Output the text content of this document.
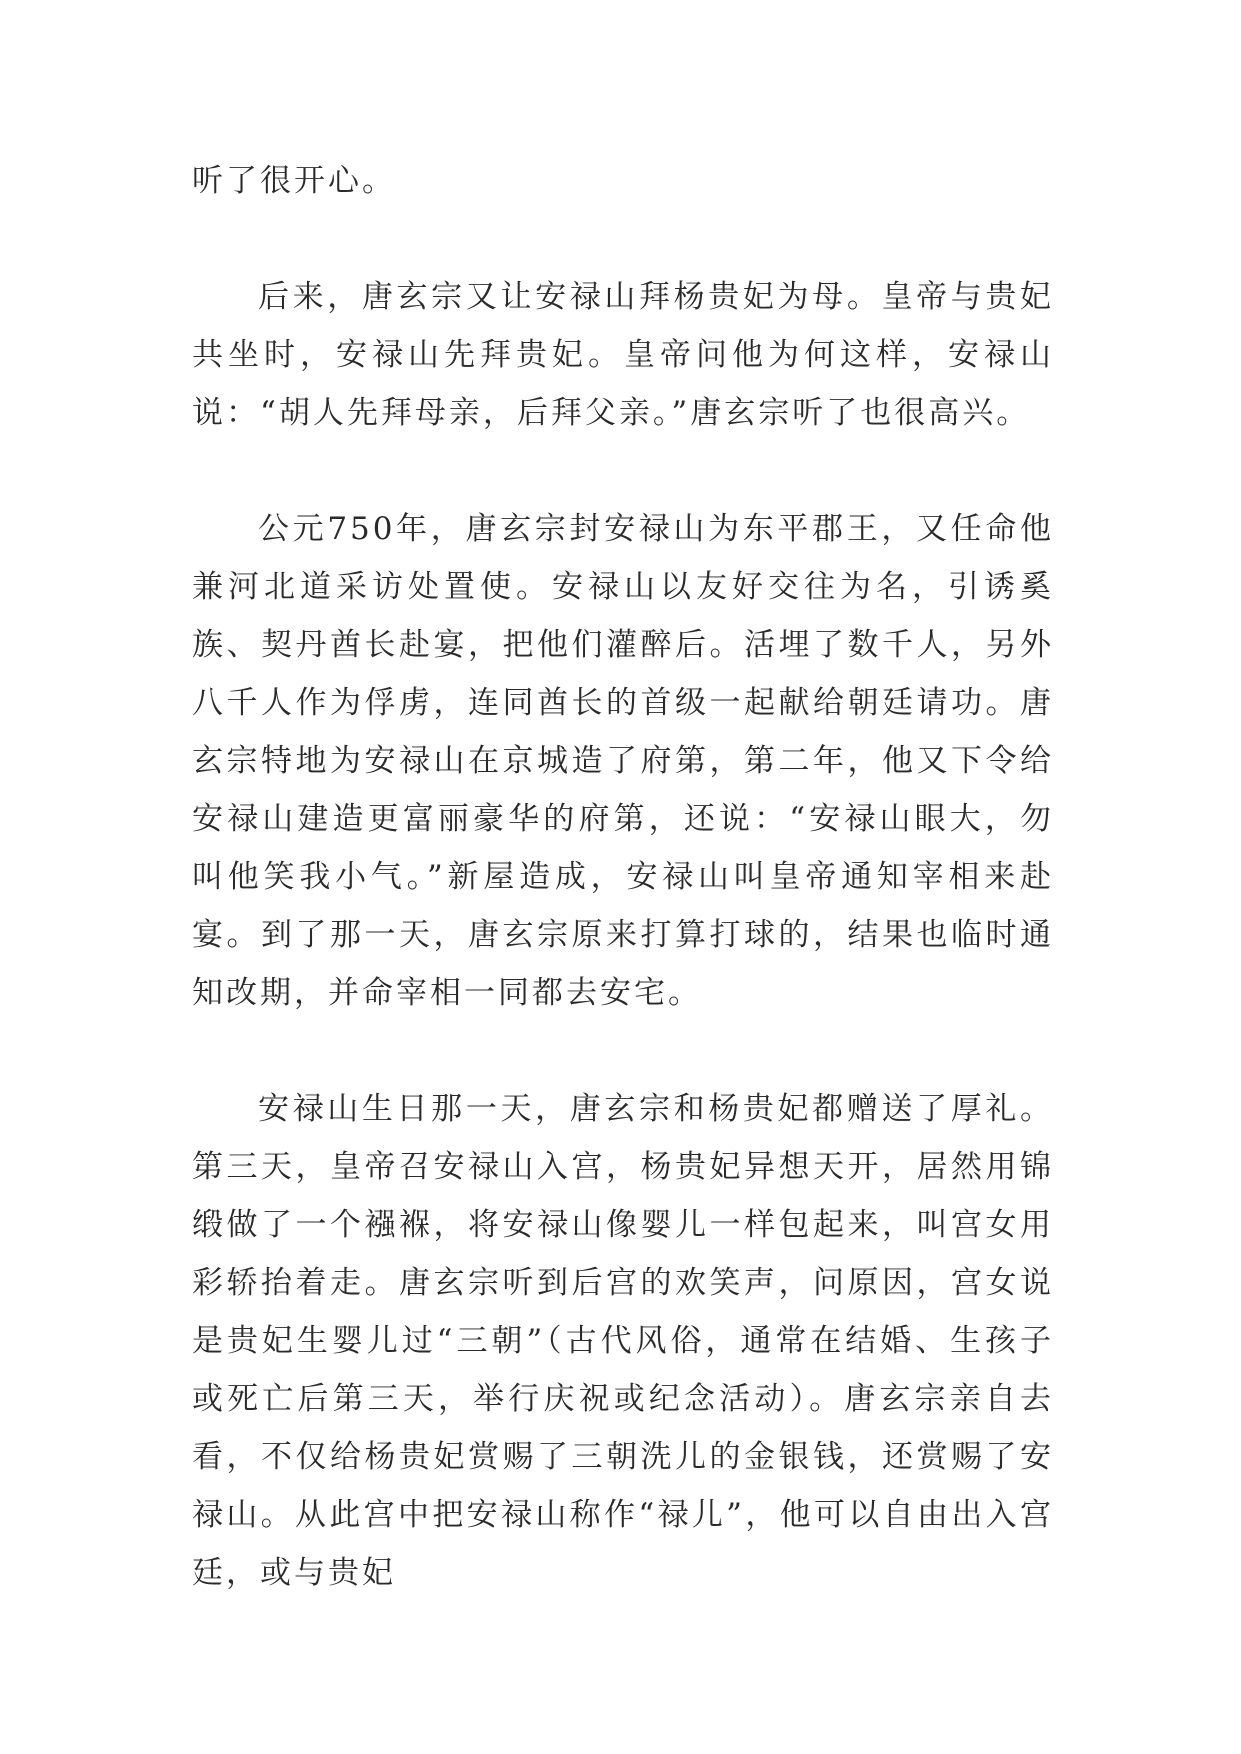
听了很开心。

后来，唐玄宗又让安禄山拜杨贵妃为母。皇帝与贵妃共坐时，安禄山先拜贵妃。皇帝问他为何这样，安禄山说：“胡人先拜母亲，后拜父亲。”唐玄宗听了也很高兴。

公元750年，唐玄宗封安禄山为东平郡王，又任命他兼河北道采访处置使。安禄山以友好交往为名，引诱奚族、契丹酋长赴宴，把他们灌醉后。活埋了数千人，另外八千人作为俘虏，连同酋长的首级一起献给朝廷请功。唐玄宗特地为安禄山在京城造了府第，第二年，他又下令给安禄山建造更富丽豪华的府第，还说：“安禄山眼大，勿叫他笑我小气。”新屋造成，安禄山叫皇帝通知宰相来赴宴。到了那一天，唐玄宗原来打算打球的，结果也临时通知改期，并命宰相一同都去安宅。

安禄山生日那一天，唐玄宗和杨贵妃都赠送了厚礼。第三天，皇帝召安禄山入宫，杨贵妃异想天开，居然用锦缎做了一个襁褓，将安禄山像婴儿一样包起来，叫宫女用彩轿抬着走。唐玄宗听到后宫的欢笑声，问原因，宫女说是贵妃生婴儿过“三朝”（古代风俗，通常在结婚、生孩子或死亡后第三天，举行庆祝或纪念活动）。唐玄宗亲自去看，不仅给杨贵妃赏赐了三朝洗儿的金银钱，还赏赐了安禄山。从此宫中把安禄山称作“禄儿”，他可以自由出入宫廷，或与贵妃
